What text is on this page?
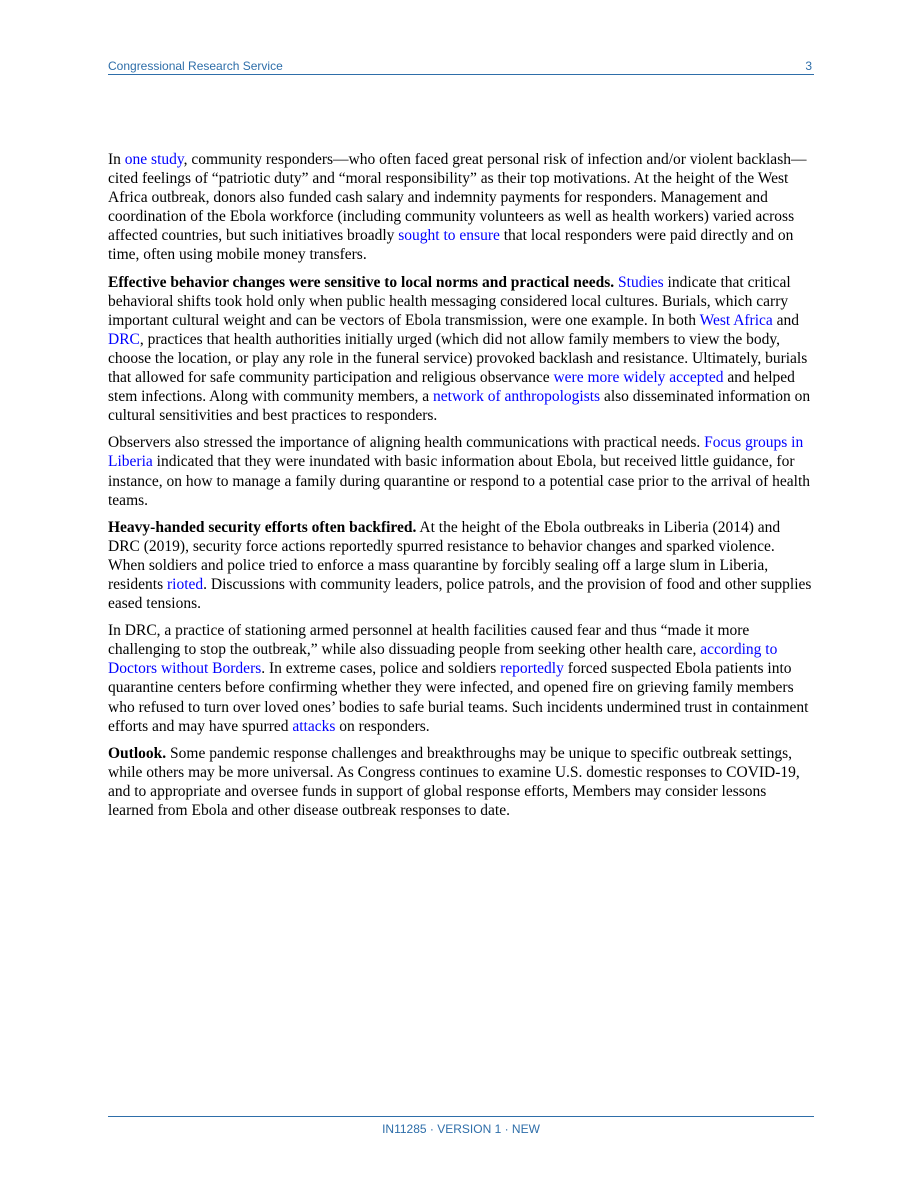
Congressional Research Service	3

In one study, community responders—who often faced great personal risk of infection and/or violent backlash—cited feelings of “patriotic duty” and “moral responsibility” as their top motivations. At the height of the West Africa outbreak, donors also funded cash salary and indemnity payments for responders. Management and coordination of the Ebola workforce (including community volunteers as well as health workers) varied across affected countries, but such initiatives broadly sought to ensure that local responders were paid directly and on time, often using mobile money transfers.

Effective behavior changes were sensitive to local norms and practical needs. Studies indicate that critical behavioral shifts took hold only when public health messaging considered local cultures. Burials, which carry important cultural weight and can be vectors of Ebola transmission, were one example. In both West Africa and DRC, practices that health authorities initially urged (which did not allow family members to view the body, choose the location, or play any role in the funeral service) provoked backlash and resistance. Ultimately, burials that allowed for safe community participation and religious observance were more widely accepted and helped stem infections. Along with community members, a network of anthropologists also disseminated information on cultural sensitivities and best practices to responders.

Observers also stressed the importance of aligning health communications with practical needs. Focus groups in Liberia indicated that they were inundated with basic information about Ebola, but received little guidance, for instance, on how to manage a family during quarantine or respond to a potential case prior to the arrival of health teams.

Heavy-handed security efforts often backfired. At the height of the Ebola outbreaks in Liberia (2014) and DRC (2019), security force actions reportedly spurred resistance to behavior changes and sparked violence. When soldiers and police tried to enforce a mass quarantine by forcibly sealing off a large slum in Liberia, residents rioted. Discussions with community leaders, police patrols, and the provision of food and other supplies eased tensions.

In DRC, a practice of stationing armed personnel at health facilities caused fear and thus “made it more challenging to stop the outbreak,” while also dissuading people from seeking other health care, according to Doctors without Borders. In extreme cases, police and soldiers reportedly forced suspected Ebola patients into quarantine centers before confirming whether they were infected, and opened fire on grieving family members who refused to turn over loved ones’ bodies to safe burial teams. Such incidents undermined trust in containment efforts and may have spurred attacks on responders.

Outlook. Some pandemic response challenges and breakthroughs may be unique to specific outbreak settings, while others may be more universal. As Congress continues to examine U.S. domestic responses to COVID-19, and to appropriate and oversee funds in support of global response efforts, Members may consider lessons learned from Ebola and other disease outbreak responses to date.

IN11285 · VERSION 1 · NEW
